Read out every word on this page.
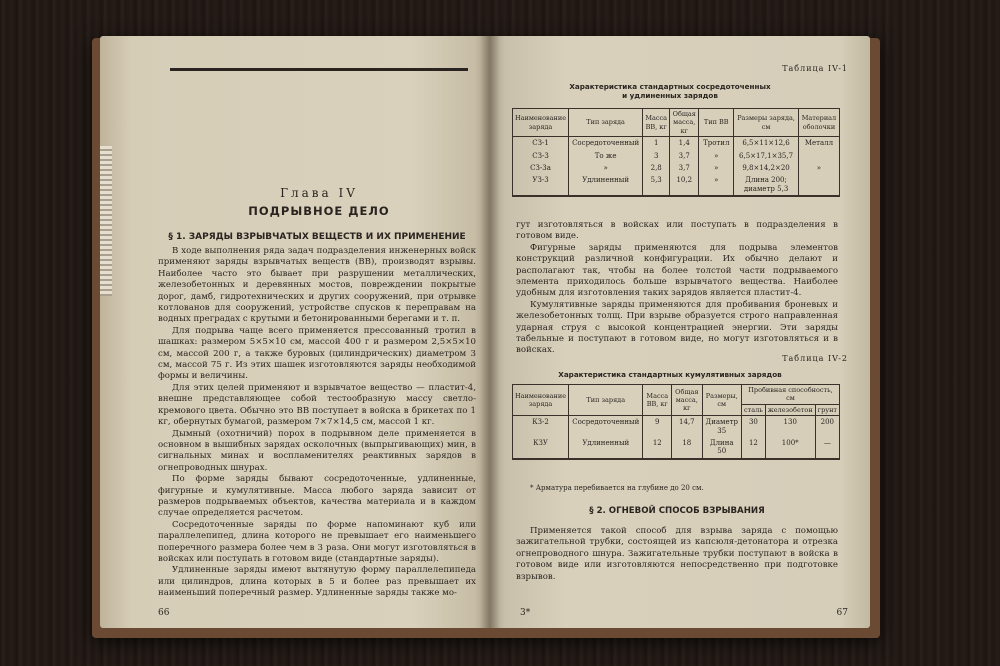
Глава IV
ПОДРЫВНОЕ ДЕЛО
§ 1. ЗАРЯДЫ ВЗРЫВЧАТЫХ ВЕЩЕСТВ И ИХ ПРИМЕНЕНИЕ

В ходе выполнения ряда задач подразделения инженерных войск применяют заряды взрывчатых веществ (ВВ), производят взрывы. Наиболее часто это бывает при разрушении металлических, железобетонных и деревянных мостов, повреждении покрытые дорог, дамб, гидротехнических и других сооружений, при отрывке котлованов для сооружений, устройстве спусков к переправам на водных преградах с крутыми и бетонированными берегами и т. п.

Для подрыва чаще всего применяется прессованный тротил в шашках: размером 5×5×10 см, массой 400 г и размером 2,5×5×10 см, массой 200 г, а также буровых (цилиндрических) диаметром 3 см, массой 75 г. Из этих шашек изготовляются заряды необходимой формы и величины.

Для этих целей применяют и взрывчатое вещество — пластит-4, внешне представляющее собой тестообразную массу светло-кремового цвета. Обычно это ВВ поступает в войска в брикетах по 1 кг, обернутых бумагой, размером 7×7×14,5 см, массой 1 кг.

Дымный (охотничий) порох в подрывном деле применяется в основном в вышибных зарядах осколочных (выпрыгивающих) мин, в сигнальных минах и воспламенителях реактивных зарядов в огнепроводных шнурах.

По форме заряды бывают сосредоточенные, удлиненные, фигурные и кумулятивные. Масса любого заряда зависит от размеров подрываемых объектов, качества материала и в каждом случае определяется расчетом.

Сосредоточенные заряды по форме напоминают куб или параллелепипед, длина которого не превышает его наименьшего поперечного размера более чем в 3 раза. Они могут изготовляться в войсках или поступать в готовом виде (стандартные заряды).

Удлиненные заряды имеют вытянутую форму параллелепипеда или цилиндров, длина которых в 5 и более раз превышает их наименьший поперечный размер. Удлиненные заряды также мо-

66
Таблица IV-1
Характеристика стандартных сосредоточенных
и удлиненных зарядов
Наименование заряда	Тип заряда	Масса ВВ, кг	Общая масса, кг	Тип ВВ	Размеры заряда, см	Материал оболочки
СЗ-1	Сосредоточенный	1	1,4	Тротил	6,5×11×12,6	Металл
СЗ-3	То же	3	3,7	»	6,5×17,1×35,7	
СЗ-3а	»	2,8	3,7	»	9,8×14,2×20	»
УЗ-3	Удлиненный	5,3	10,2	»	Длина 200; диаметр 5,3	

гут изготовляться в войсках или поступать в подразделения в готовом виде.

Фигурные заряды применяются для подрыва элементов конструкций различной конфигурации. Их обычно делают и располагают так, чтобы на более толстой части подрываемого элемента приходилось больше взрывчатого вещества. Наиболее удобным для изготовления таких зарядов является пластит-4.

Кумулятивные заряды применяются для пробивания броневых и железобетонных толщ. При взрыве образуется строго направленная ударная струя с высокой концентрацией энергии. Эти заряды табельные и поступают в готовом виде, но могут изготовляться и в войсках.

Таблица IV-2
Характеристика стандартных кумулятивных зарядов
Наименование заряда	Тип заряда	Масса ВВ, кг	Общая масса, кг	Размеры, см	Пробивная способность, см		
					сталь	железобетон	грунт
КЗ-2	Сосредоточенный	9	14,7	Диаметр 35	30	130	200
КЗУ	Удлиненный	12	18	Длина 50	12	100*	—
* Арматура перебивается на глубине до 20 см.
§ 2. ОГНЕВОЙ СПОСОБ ВЗРЫВАНИЯ

Применяется такой способ для взрыва заряда с помощью зажигательной трубки, состоящей из капсюля-детонатора и отрезка огнепроводного шнура. Зажигательные трубки поступают в войска в готовом виде или изготовляются непосредственно при подготовке взрывов.

3*	67
